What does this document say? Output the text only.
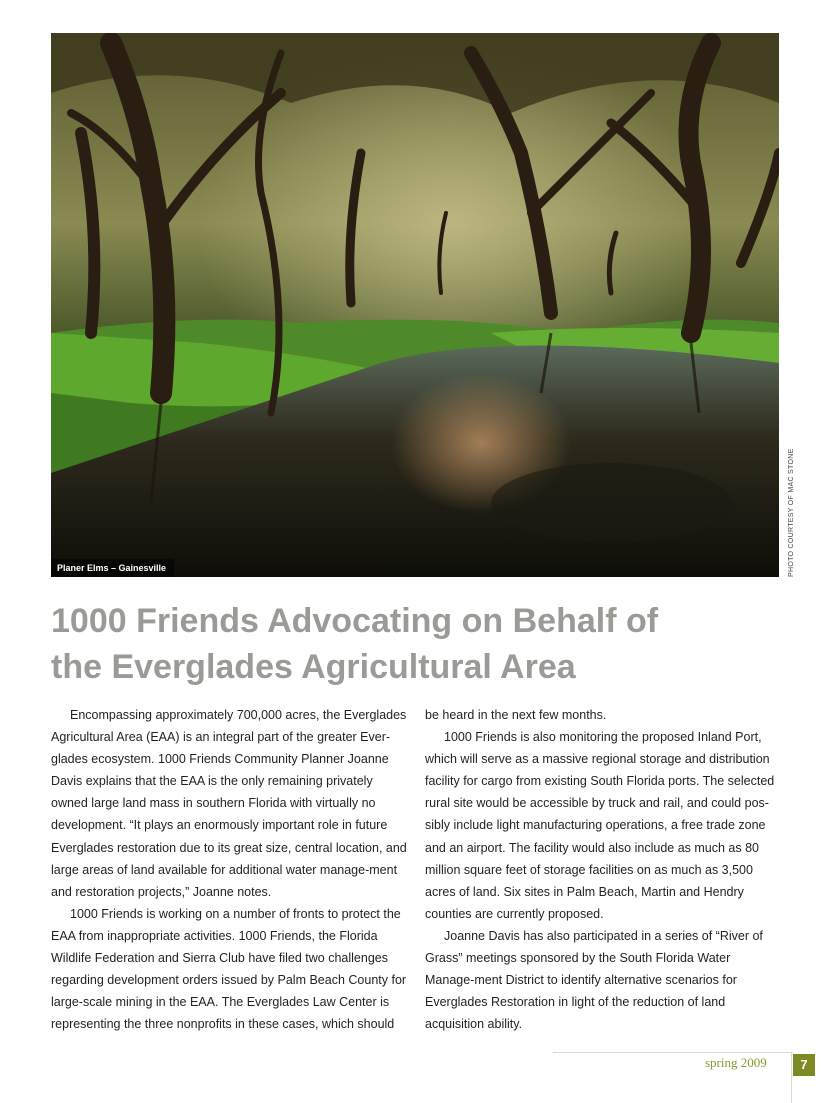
Planer Elms – Gainesville	PHOTO COURTESY OF MAC STONE
1000 Friends Advocating on Behalf of
the Everglades Agricultural Area

Encompassing approximately 700,000 acres, the Everglades Agricultural Area (EAA) is an integral part of the greater Ever-glades ecosystem. 1000 Friends Community Planner Joanne Davis explains that the EAA is the only remaining privately owned large land mass in southern Florida with virtually no development. “It plays an enormously important role in future Everglades restoration due to its great size, central location, and large areas of land available for additional water manage-ment and restoration projects,” Joanne notes.

1000 Friends is working on a number of fronts to protect the EAA from inappropriate activities. 1000 Friends, the Florida Wildlife Federation and Sierra Club have filed two challenges regarding development orders issued by Palm Beach County for large-scale mining in the EAA. The Everglades Law Center is representing the three nonprofits in these cases, which should

be heard in the next few months.

1000 Friends is also monitoring the proposed Inland Port, which will serve as a massive regional storage and distribution facility for cargo from existing South Florida ports. The selected rural site would be accessible by truck and rail, and could pos-sibly include light manufacturing operations, a free trade zone and an airport. The facility would also include as much as 80 million square feet of storage facilities on as much as 3,500 acres of land. Six sites in Palm Beach, Martin and Hendry counties are currently proposed.

Joanne Davis has also participated in a series of “River of Grass” meetings sponsored by the South Florida Water Manage-ment District to identify alternative scenarios for Everglades Restoration in light of the reduction of land acquisition ability.

spring 2009	7
